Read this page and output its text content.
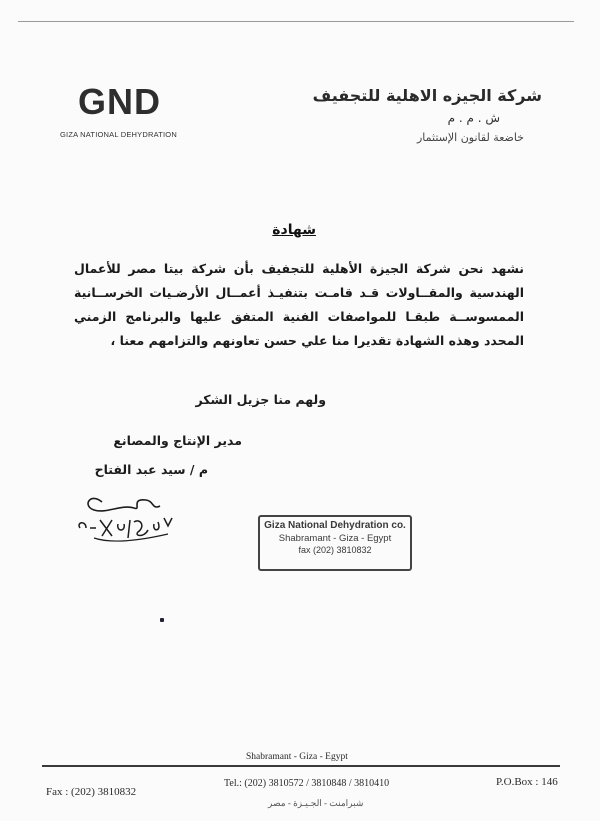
GND
GIZA NATIONAL DEHYDRATION
شركة الجيزه الاهلية للتجفيف
ش . م . م
خاضعة لقانون الإستثمار
شهادة
نشهد نحن شركة الجيزة الأهلية للتجفيف بأن شركة بيتا مصر للأعمال الهندسية والمقــاولات قـد قامـت بتنفيـذ أعمــال الأرضـيات الخرســانية الممسوســة طبقـا للمواصفات الفنية المتفق عليها والبرنامج الزمني المحدد وهذه الشهادة تقديرا منا علي حسن تعاونهم والتزامهم معنا ،
ولهم منا جزيل الشكر
مدير الإنتاج والمصانع
م / سيد عبد الفتاح
Giza National Dehydration co.
Shabramant - Giza - Egypt
fax (202) 3810832
Shabramant - Giza - Egypt
Tel.: (202) 3810572 / 3810848 / 3810410	P.O.Box : 146
Fax : (202) 3810832
شبرامنت - الجـيـزة - مصر
